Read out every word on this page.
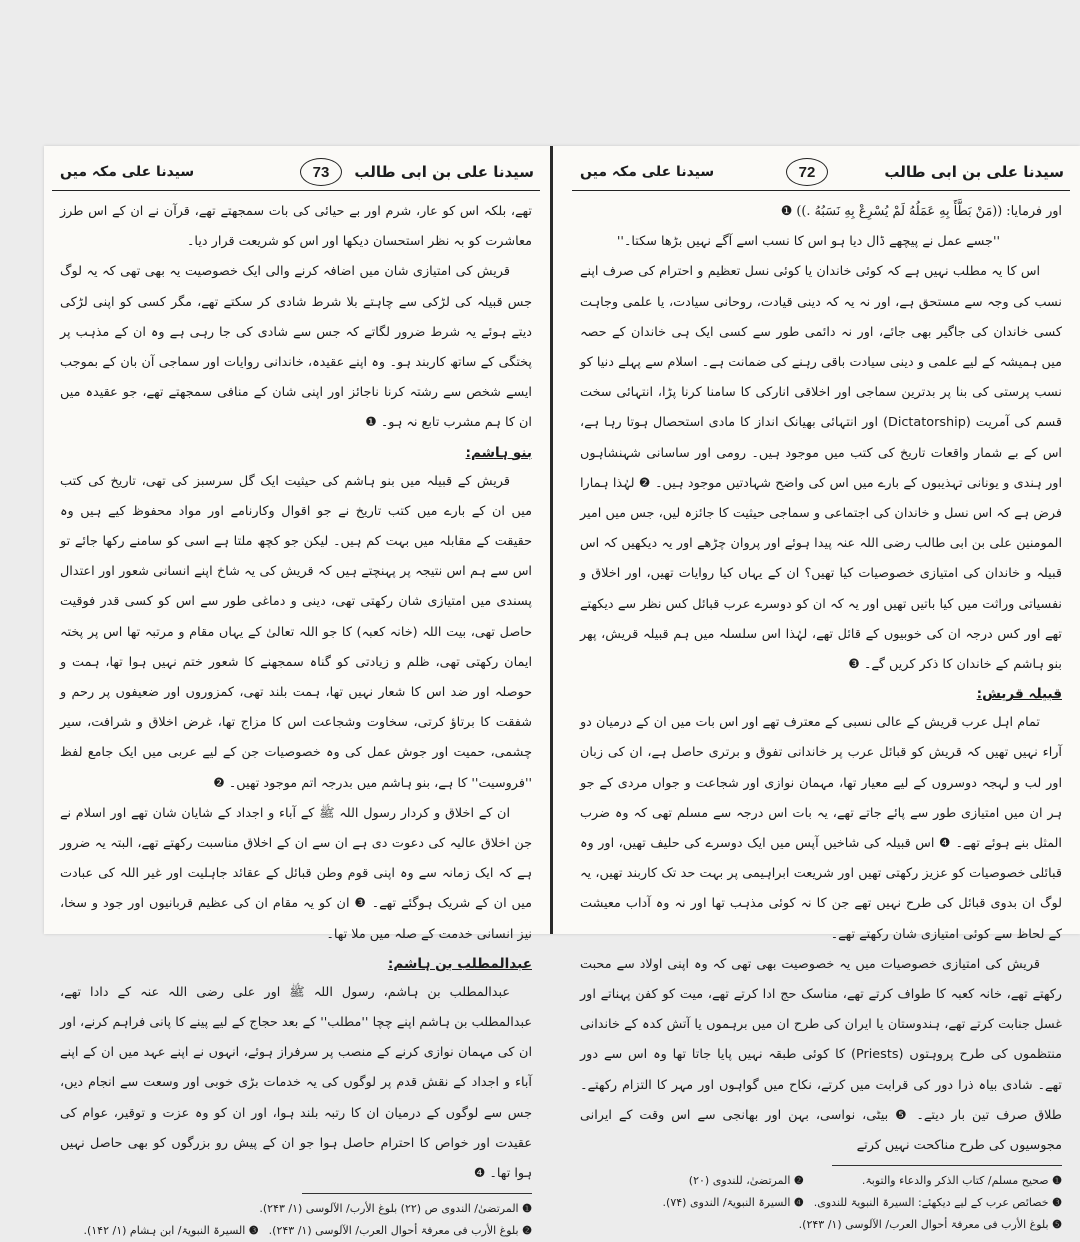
سیدنا علی بن ابی طالب
سیدنا علی مکہ میں	73

تھے، بلکہ اس کو عار، شرم اور بے حیائی کی بات سمجھتے تھے، قرآن نے ان کے اس طرز معاشرت کو بہ نظر استحسان دیکھا اور اس کو شریعت قرار دیا۔

قریش کی امتیازی شان میں اضافہ کرنے والی ایک خصوصیت یہ بھی تھی کہ یہ لوگ جس قبیلہ کی لڑکی سے چاہتے بلا شرط شادی کر سکتے تھے، مگر کسی کو اپنی لڑکی دیتے ہوئے یہ شرط ضرور لگاتے کہ جس سے شادی کی جا رہی ہے وہ ان کے مذہب پر پختگی کے ساتھ کاربند ہو۔ وہ اپنے عقیدہ، خاندانی روایات اور سماجی آن بان کے بموجب ایسے شخص سے رشتہ کرنا ناجائز اور اپنی شان کے منافی سمجھتے تھے، جو عقیدہ میں ان کا ہم مشرب تابع نہ ہو۔ ❶

بنو ہاشم:

قریش کے قبیلہ میں بنو ہاشم کی حیثیت ایک گل سرسبز کی تھی، تاریخ کی کتب میں ان کے بارے میں کتب تاریخ نے جو اقوال وکارنامے اور مواد محفوظ کیے ہیں وہ حقیقت کے مقابلہ میں بہت کم ہیں۔ لیکن جو کچھ ملتا ہے اسی کو سامنے رکھا جائے تو اس سے ہم اس نتیجہ پر پہنچتے ہیں کہ قریش کی یہ شاخ اپنے انسانی شعور اور اعتدال پسندی میں امتیازی شان رکھتی تھی، دینی و دماغی طور سے اس کو کسی قدر فوقیت حاصل تھی، بیت اللہ (خانہ کعبہ) کا جو اللہ تعالیٰ کے یہاں مقام و مرتبہ تھا اس پر پختہ ایمان رکھتی تھی، ظلم و زیادتی کو گناہ سمجھنے کا شعور ختم نہیں ہوا تھا، ہمت و حوصلہ اور ضد اس کا شعار نہیں تھا، ہمت بلند تھی، کمزوروں اور ضعیفوں پر رحم و شفقت کا برتاؤ کرتی، سخاوت وشجاعت اس کا مزاج تھا، غرض اخلاق و شرافت، سیر چشمی، حمیت اور جوش عمل کی وہ خصوصیات جن کے لیے عربی میں ایک جامع لفظ ''فروسیت'' کا ہے، بنو ہاشم میں بدرجہ اتم موجود تھیں۔ ❷

ان کے اخلاق و کردار رسول اللہ ﷺ کے آباء و اجداد کے شایان شان تھے اور اسلام نے جن اخلاق عالیہ کی دعوت دی ہے ان سے ان کے اخلاق مناسبت رکھتے تھے، البتہ یہ ضرور ہے کہ ایک زمانہ سے وہ اپنی قوم وطن قبائل کے عقائد جاہلیت اور غیر اللہ کی عبادت میں ان کے شریک ہوگئے تھے۔ ❸ ان کو یہ مقام ان کی عظیم قربانیوں اور جود و سخا، نیز انسانی خدمت کے صلہ میں ملا تھا۔

عبدالمطلب بن ہاشم:

عبدالمطلب بن ہاشم، رسول اللہ ﷺ اور علی رضی اللہ عنہ کے دادا تھے، عبدالمطلب بن ہاشم اپنے چچا ''مطلب'' کے بعد حجاج کے لیے پینے کا پانی فراہم کرنے، اور ان کی مہمان نوازی کرنے کے منصب پر سرفراز ہوئے، انہوں نے اپنے عہد میں ان کے اپنے آباء و اجداد کے نقش قدم پر لوگوں کی یہ خدمات بڑی خوبی اور وسعت سے انجام دیں، جس سے لوگوں کے درمیان ان کا رتبہ بلند ہوا، اور ان کو وہ عزت و توقیر، عوام کی عقیدت اور خواص کا احترام حاصل ہوا جو ان کے پیش رو بزرگوں کو بھی حاصل نہیں ہوا تھا۔ ❹

❶ المرتضیٰ/ الندوی ص (۲۲) بلوغ الأرب/ الآلوسی (۱/ ۲۴۳).
❷ بلوغ الأرب فی معرفۃ أحوال العرب/ الآلوسی (۱/ ۲۴۳).
❸ السیرۃ النبویۃ/ ابن ہشام (۱/ ۱۴۲).
سیدنا علی بن ابی طالب
سیدنا علی مکہ میں	72

اور فرمایا: ((مَنْ بَطَّأَ بِهِ عَمَلُهُ لَمْ يُسْرِعْ بِهِ نَسَبُهُ .)) ❶

''جسے عمل نے پیچھے ڈال دیا ہو اس کا نسب اسے آگے نہیں بڑھا سکتا۔''

اس کا یہ مطلب نہیں ہے کہ کوئی خاندان یا کوئی نسل تعظیم و احترام کی صرف اپنے نسب کی وجہ سے مستحق ہے، اور نہ یہ کہ دینی قیادت، روحانی سیادت، یا علمی وجاہت کسی خاندان کی جاگیر بھی جائے، اور نہ دائمی طور سے کسی ایک ہی خاندان کے حصہ میں ہمیشہ کے لیے علمی و دینی سیادت باقی رہنے کی ضمانت ہے۔ اسلام سے پہلے دنیا کو نسب پرستی کی بنا پر بدترین سماجی اور اخلاقی انارکی کا سامنا کرنا پڑا، انتہائی سخت قسم کی آمریت (Dictatorship) اور انتہائی بھیانک انداز کا مادی استحصال ہوتا رہا ہے، اس کے بے شمار واقعات تاریخ کی کتب میں موجود ہیں۔ رومی اور ساسانی شہنشاہوں اور ہندی و یونانی تہذیبوں کے بارے میں اس کی واضح شہادتیں موجود ہیں۔ ❷ لہٰذا ہمارا فرض ہے کہ اس نسل و خاندان کی اجتماعی و سماجی حیثیت کا جائزہ لیں، جس میں امیر المومنین علی بن ابی طالب رضی اللہ عنہ پیدا ہوئے اور پروان چڑھے اور یہ دیکھیں کہ اس قبیلہ و خاندان کی امتیازی خصوصیات کیا تھیں؟ ان کے یہاں کیا روایات تھیں، اور اخلاق و نفسیاتی وراثت میں کیا باتیں تھیں اور یہ کہ ان کو دوسرے عرب قبائل کس نظر سے دیکھتے تھے اور کس درجہ ان کی خوبیوں کے قائل تھے، لہٰذا اس سلسلہ میں ہم قبیلہ قریش، پھر بنو ہاشم کے خاندان کا ذکر کریں گے۔ ❸

قبیلہ قریش:

تمام اہل عرب قریش کے عالی نسبی کے معترف تھے اور اس بات میں ان کے درمیان دو آراء نہیں تھیں کہ قریش کو قبائل عرب پر خاندانی تفوق و برتری حاصل ہے، ان کی زبان اور لب و لہجہ دوسروں کے لیے معیار تھا، مہمان نوازی اور شجاعت و جواں مردی کے جو ہر ان میں امتیازی طور سے پائے جاتے تھے، یہ بات اس درجہ سے مسلم تھی کہ وہ ضرب المثل بنے ہوئے تھے۔ ❹ اس قبیلہ کی شاخیں آپس میں ایک دوسرے کی حلیف تھیں، اور وہ قبائلی خصوصیات کو عزیز رکھتی تھیں اور شریعت ابراہیمی پر بہت حد تک کاربند تھیں، یہ لوگ ان بدوی قبائل کی طرح نہیں تھے جن کا نہ کوئی مذہب تھا اور نہ وہ آداب معیشت کے لحاظ سے کوئی امتیازی شان رکھتے تھے۔

قریش کی امتیازی خصوصیات میں یہ خصوصیت بھی تھی کہ وہ اپنی اولاد سے محبت رکھتے تھے، خانہ کعبہ کا طواف کرتے تھے، مناسک حج ادا کرتے تھے، میت کو کفن پہناتے اور غسل جنابت کرتے تھے، ہندوستان یا ایران کی طرح ان میں برہموں یا آتش کدہ کے خاندانی منتظموں کی طرح پروہتوں (Priests) کا کوئی طبقہ نہیں پایا جاتا تھا وہ اس سے دور تھے۔ شادی بیاہ ذرا دور کی قرابت میں کرتے، نکاح میں گواہوں اور مہر کا التزام رکھتے۔ طلاق صرف تین بار دیتے۔ ❺ بیٹی، نواسی، بہن اور بھانجی سے اس وقت کے ایرانی مجوسیوں کی طرح مناکحت نہیں کرتے

❶ صحیح مسلم/ کتاب الذکر والدعاء والتوبۃ.
❷ المرتضیٰ، للندوی (۲۰)
❸ خصائص عرب کے لیے دیکھئے: السیرۃ النبویۃ للندوی.
❹ السیرۃ النبویۃ/ الندوی (۷۴).
❺ بلوغ الأرب فی معرفۃ أحوال العرب/ الآلوسی (۱/ ۲۴۳).
